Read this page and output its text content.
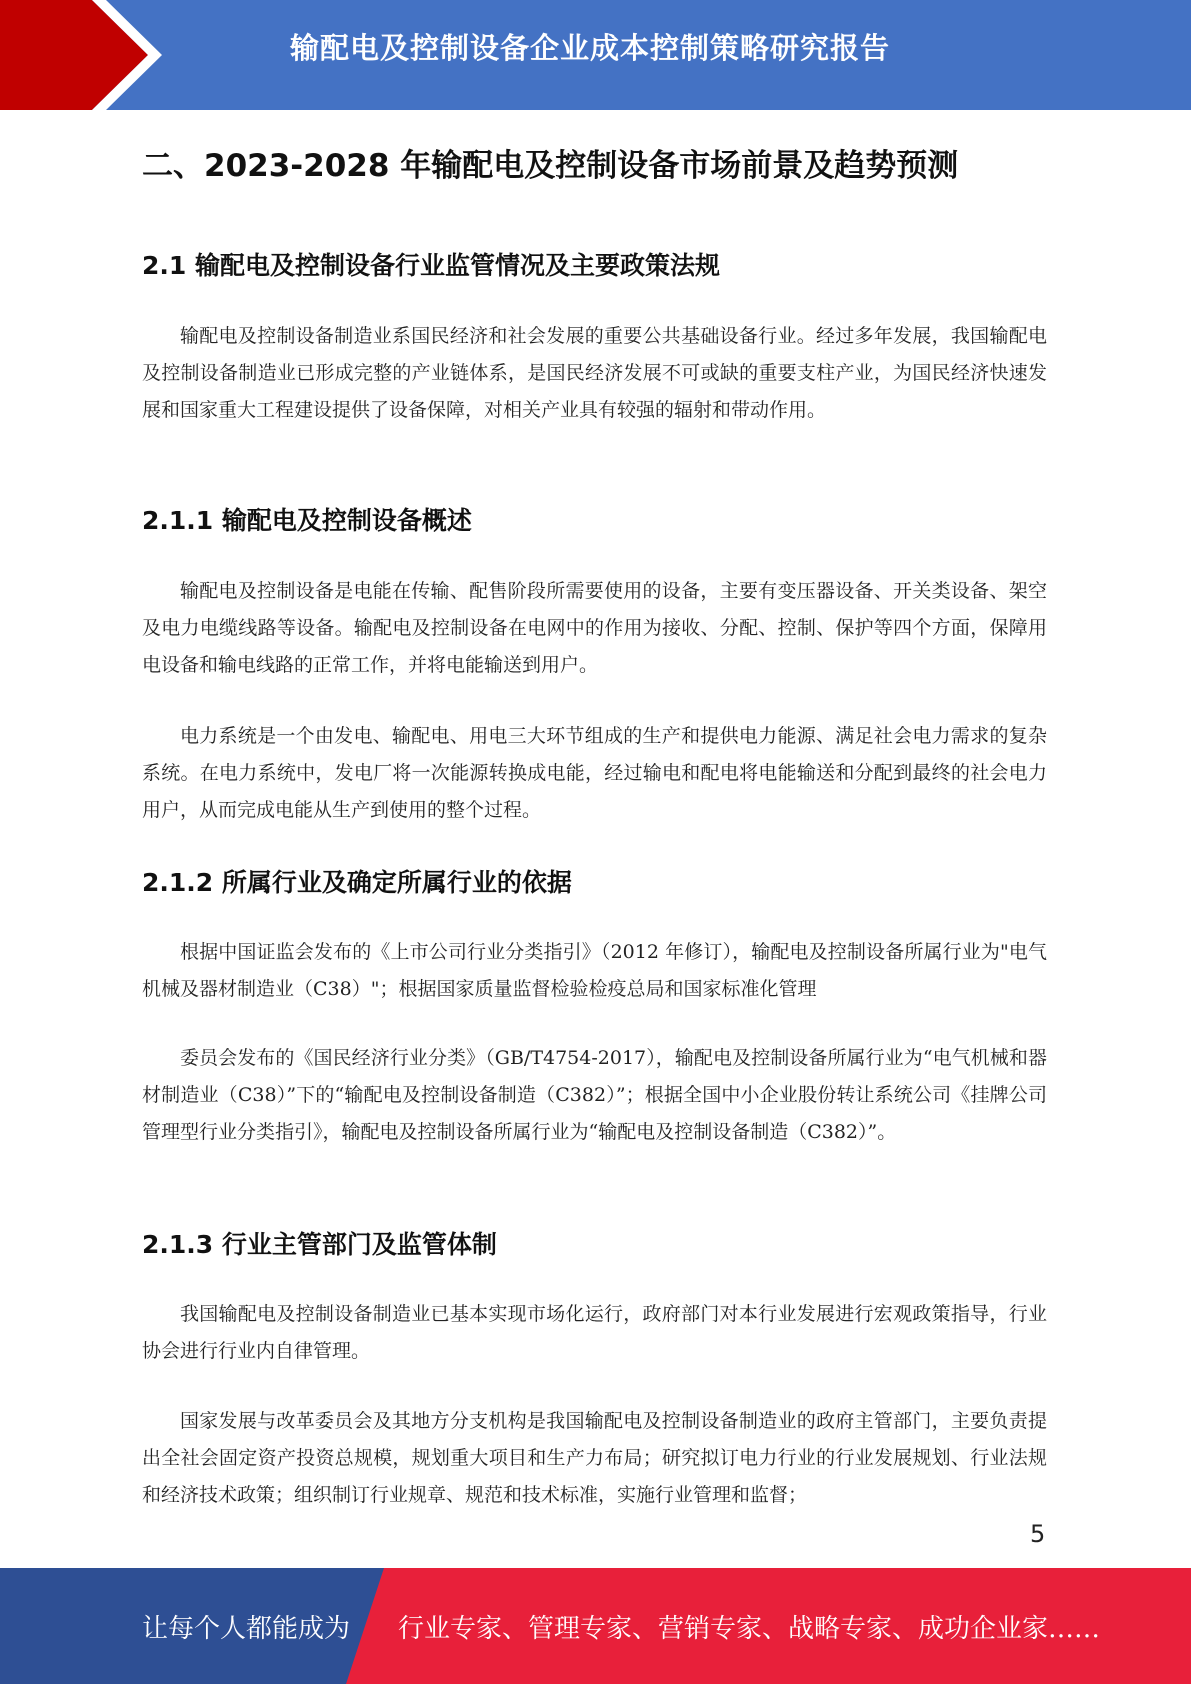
输配电及控制设备企业成本控制策略研究报告
二、2023-2028 年输配电及控制设备市场前景及趋势预测
2.1 输配电及控制设备行业监管情况及主要政策法规

输配电及控制设备制造业系国民经济和社会发展的重要公共基础设备行业。经过多年发展，我国输配电及控制设备制造业已形成完整的产业链体系，是国民经济发展不可或缺的重要支柱产业，为国民经济快速发展和国家重大工程建设提供了设备保障，对相关产业具有较强的辐射和带动作用。

2.1.1 输配电及控制设备概述

输配电及控制设备是电能在传输、配售阶段所需要使用的设备，主要有变压器设备、开关类设备、架空及电力电缆线路等设备。输配电及控制设备在电网中的作用为接收、分配、控制、保护等四个方面，保障用电设备和输电线路的正常工作，并将电能输送到用户。

电力系统是一个由发电、输配电、用电三大环节组成的生产和提供电力能源、满足社会电力需求的复杂系统。在电力系统中，发电厂将一次能源转换成电能，经过输电和配电将电能输送和分配到最终的社会电力用户，从而完成电能从生产到使用的整个过程。

2.1.2 所属行业及确定所属行业的依据

根据中国证监会发布的《上市公司行业分类指引》（2012 年修订），输配电及控制设备所属行业为"电气机械及器材制造业（C38）"；根据国家质量监督检验检疫总局和国家标准化管理

委员会发布的《国民经济行业分类》（GB/T4754-2017），输配电及控制设备所属行业为“电气机械和器材制造业（C38）”下的“输配电及控制设备制造（C382）”；根据全国中小企业股份转让系统公司《挂牌公司管理型行业分类指引》，输配电及控制设备所属行业为“输配电及控制设备制造（C382）”。

2.1.3 行业主管部门及监管体制

我国输配电及控制设备制造业已基本实现市场化运行，政府部门对本行业发展进行宏观政策指导，行业协会进行行业内自律管理。

国家发展与改革委员会及其地方分支机构是我国输配电及控制设备制造业的政府主管部门，主要负责提出全社会固定资产投资总规模，规划重大项目和生产力布局；研究拟订电力行业的行业发展规划、行业法规和经济技术政策；组织制订行业规章、规范和技术标准，实施行业管理和监督；

5
让每个人都能成为 行业专家、管理专家、营销专家、战略专家、成功企业家……
